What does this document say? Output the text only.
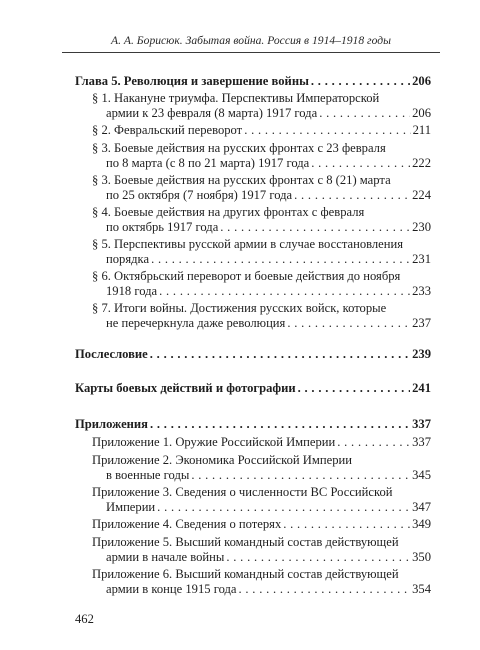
А. А. Борисюк. Забытая война. Россия в 1914–1918 годы
Глава 5. Революция и завершение войны . . .	206
§ 1. Накануне триумфа. Перспективы Императорской
армии к 23 февраля (8 марта) 1917 года . . .	206
§ 2. Февральский переворот . . .	211
§ 3. Боевые действия на русских фронтах с 23 февраля
по 8 марта (с 8 по 21 марта) 1917 года . . .	222
§ 3. Боевые действия на русских фронтах с 8 (21) марта
по 25 октября (7 ноября) 1917 года . . .	224
§ 4. Боевые действия на других фронтах с февраля
по октябрь 1917 года . . .	230
§ 5. Перспективы русской армии в случае восстановления
порядка . . .	231
§ 6. Октябрьский переворот и боевые действия до ноября
1918 года . . .	233
§ 7. Итоги войны. Достижения русских войск, которые
не перечеркнула даже революция . . .	237
Послесловие . . .	239
Карты боевых действий и фотографии . . .	241
Приложения . . .	337
Приложение 1. Оружие Российской Империи . . .	337
Приложение 2. Экономика Российской Империи
в военные годы . . .	345
Приложение 3. Сведения о численности ВС Российской
Империи . . .	347
Приложение 4. Сведения о потерях . . .	349
Приложение 5. Высший командный состав действующей
армии в начале войны . . .	350
Приложение 6. Высший командный состав действующей
армии в конце 1915 года . . .	354
462
